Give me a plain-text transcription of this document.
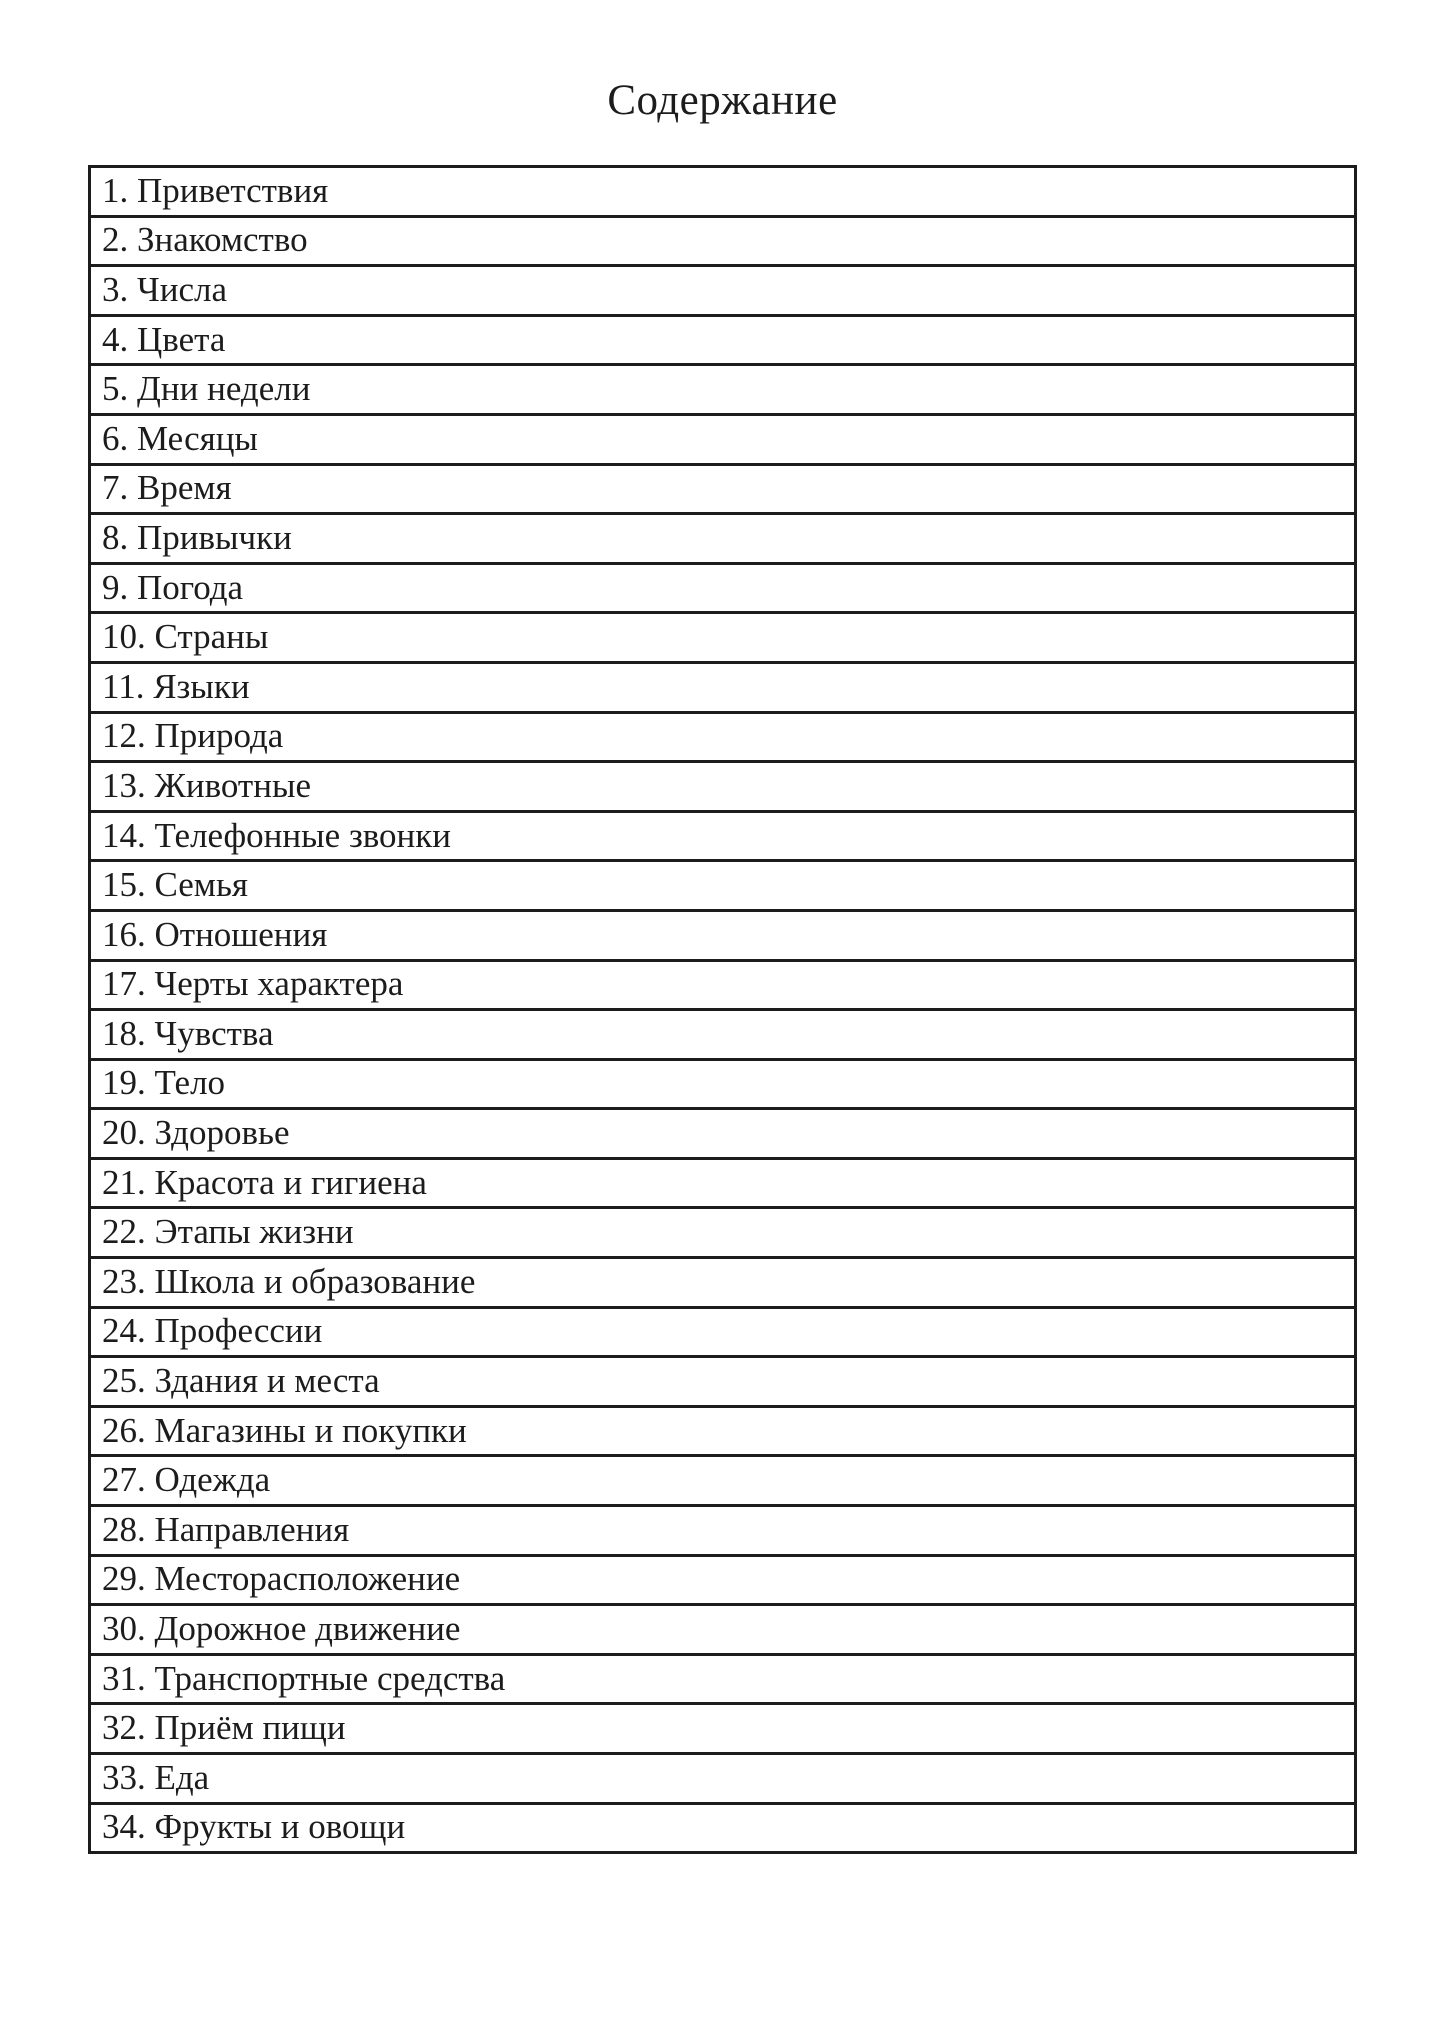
Содержание
1. Приветствия
2. Знакомство
3. Числа
4. Цвета
5. Дни недели
6. Месяцы
7. Время
8. Привычки
9. Погода
10. Страны
11. Языки
12. Природа
13. Животные
14. Телефонные звонки
15. Семья
16. Отношения
17. Черты характера
18. Чувства
19. Тело
20. Здоровье
21. Красота и гигиена
22. Этапы жизни
23. Школа и образование
24. Профессии
25. Здания и места
26. Магазины и покупки
27. Одежда
28. Направления
29. Месторасположение
30. Дорожное движение
31. Транспортные средства
32. Приём пищи
33. Еда
34. Фрукты и овощи
